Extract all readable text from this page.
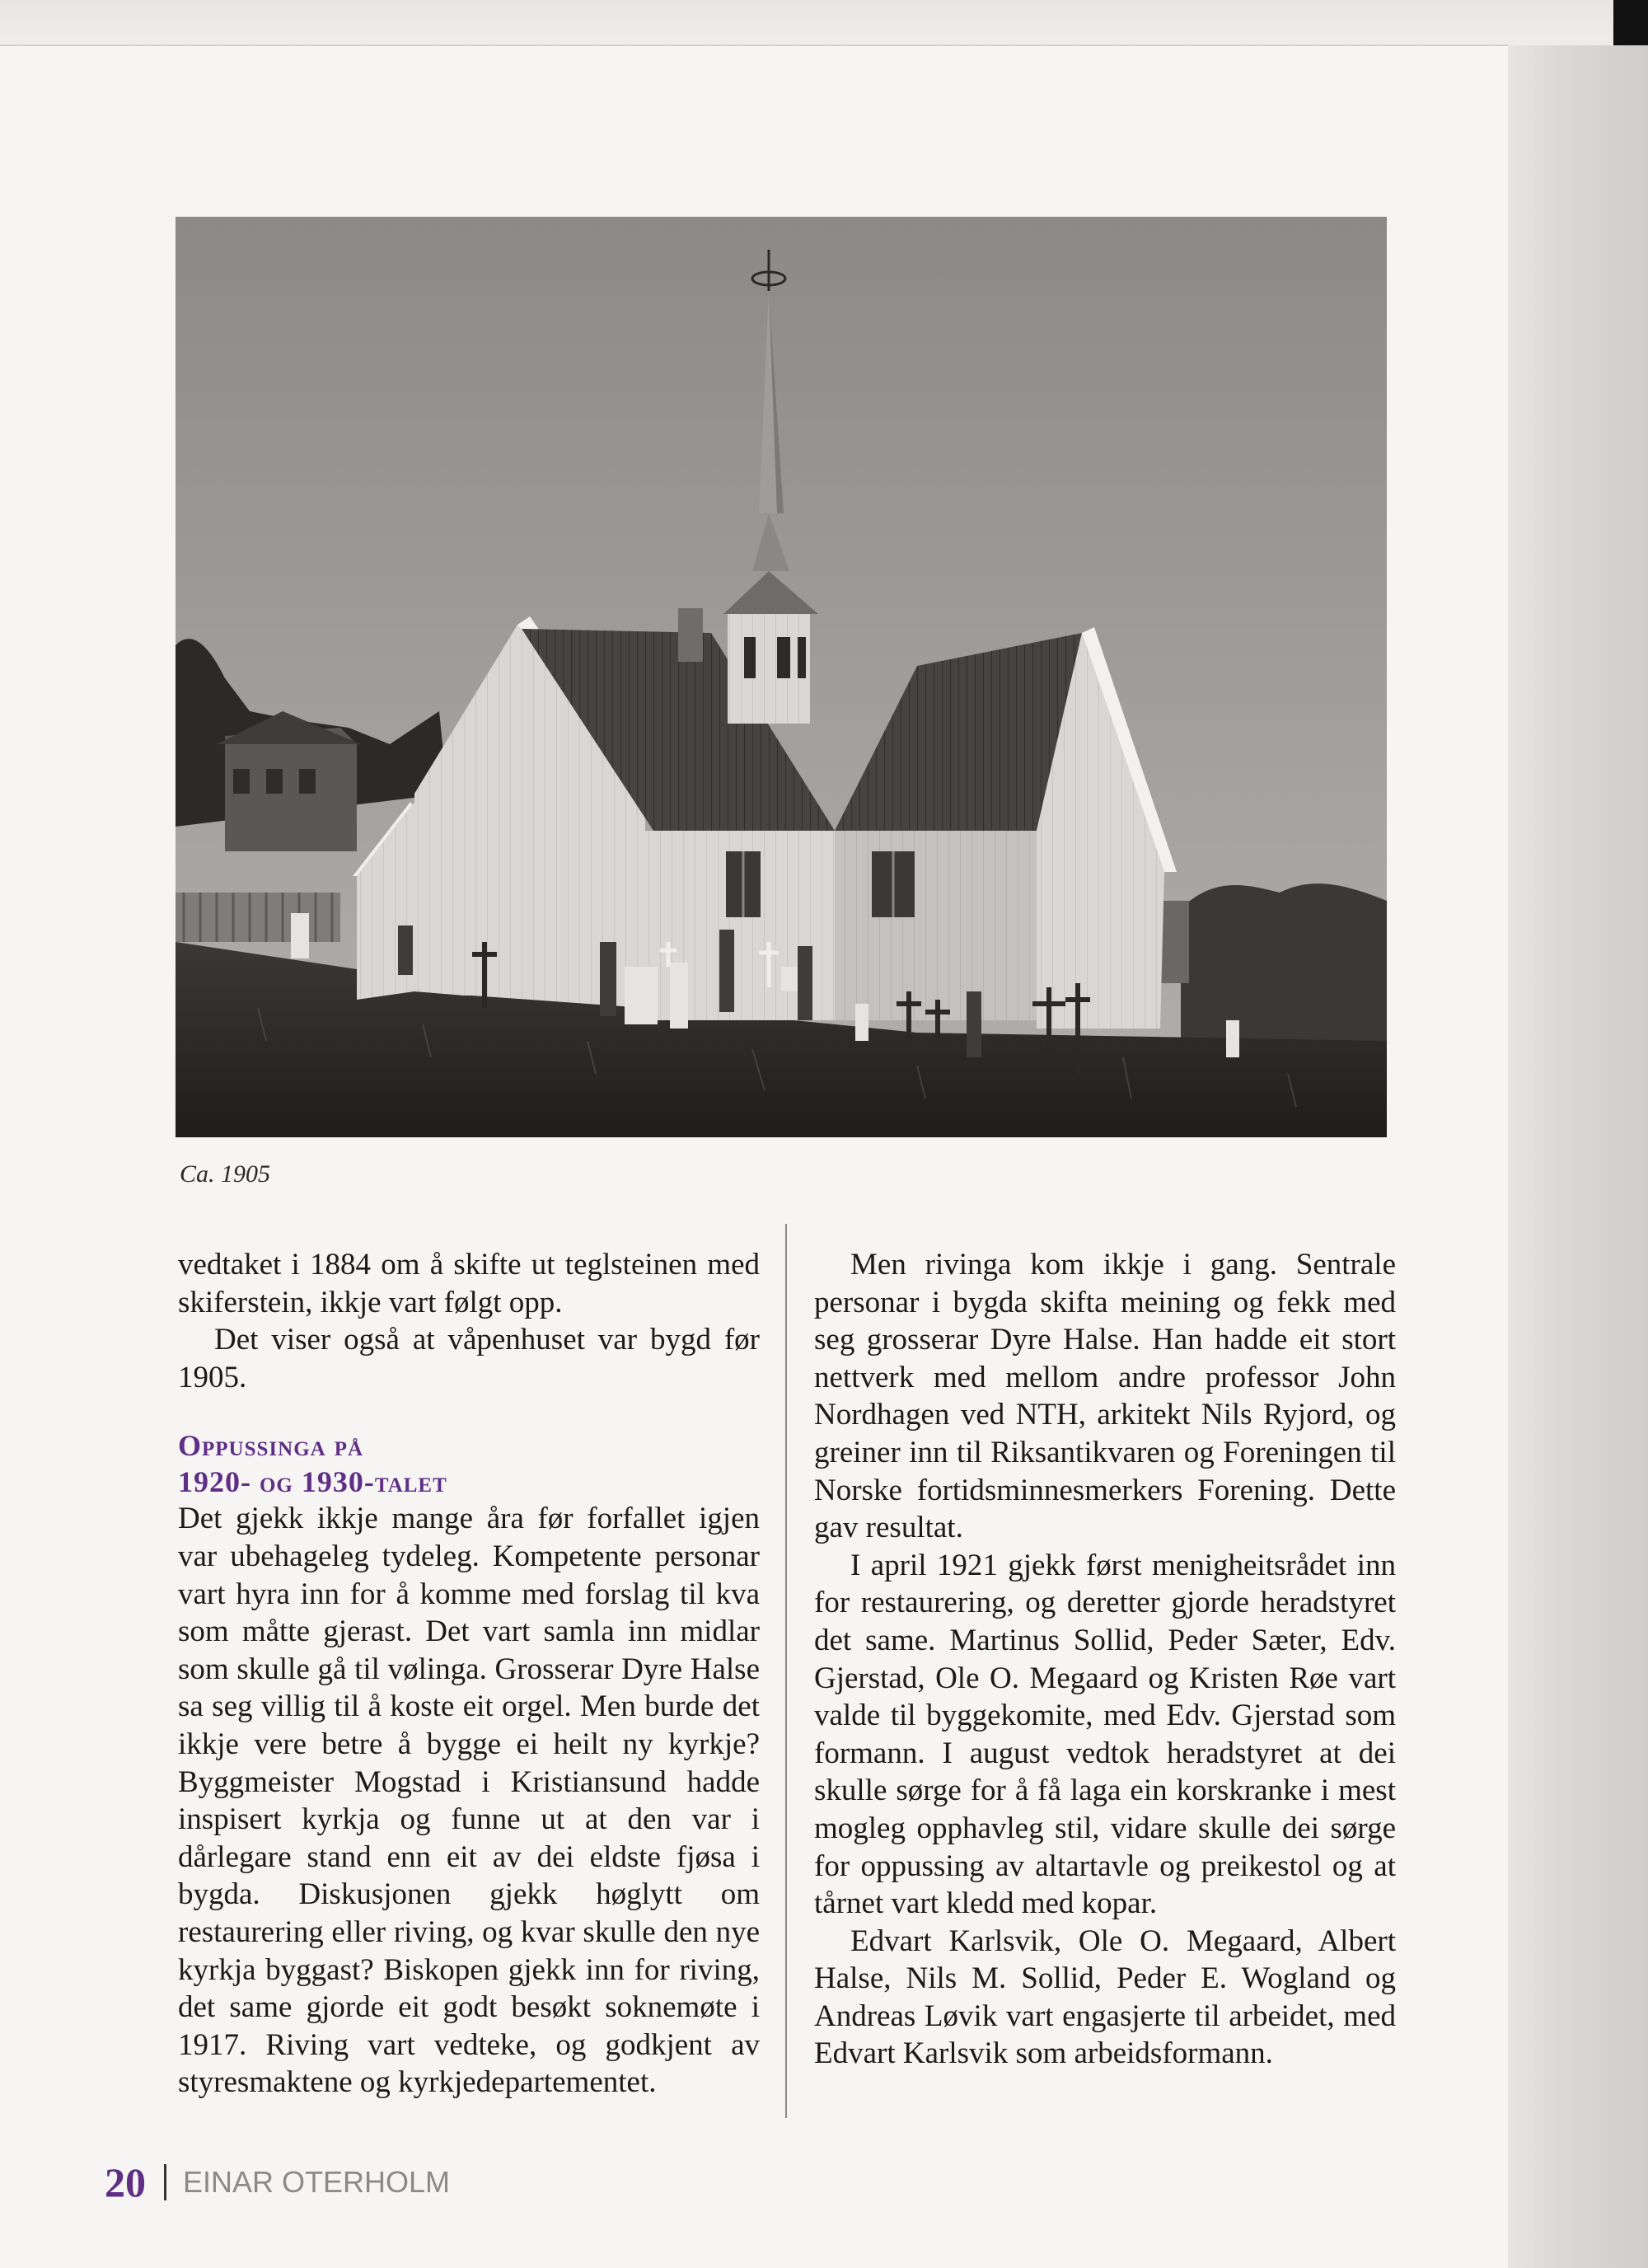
Ca. 1905

vedtaket i 1884 om å skifte ut teglsteinen med skiferstein, ikkje vart følgt opp.

Det viser også at våpenhuset var bygd før 1905.

Oppussinga på
1920- og 1930-talet

Det gjekk ikkje mange åra før forfallet igjen var ubehageleg tydeleg. Kompetente personar vart hyra inn for å komme med forslag til kva som måtte gjerast. Det vart samla inn midlar som skulle gå til vølinga. Grosserar Dyre Halse sa seg villig til å koste eit orgel. Men burde det ikkje vere betre å bygge ei heilt ny kyrkje? Byggmeister Mogstad i Kristiansund hadde inspisert kyrkja og funne ut at den var i dårlegare stand enn eit av dei eldste fjøsa i bygda. Diskusjonen gjekk høglytt om restaurering eller riving, og kvar skulle den nye kyrkja byggast? Biskopen gjekk inn for riving, det same gjorde eit godt besøkt soknemøte i 1917. Riving vart vedteke, og godkjent av styresmaktene og kyrkjedepartementet.

Men rivinga kom ikkje i gang. Sentrale personar i bygda skifta meining og fekk med seg grosserar Dyre Halse. Han hadde eit stort nettverk med mellom andre professor John Nordhagen ved NTH, arkitekt Nils Ryjord, og greiner inn til Riksantikvaren og Foreningen til Norske fortidsminnesmerkers Forening. Dette gav resultat.

I april 1921 gjekk først menigheitsrådet inn for restaurering, og deretter gjorde heradstyret det same. Martinus Sollid, Peder Sæter, Edv. Gjerstad, Ole O. Megaard og Kristen Røe vart valde til byggekomite, med Edv. Gjerstad som formann. I august vedtok heradstyret at dei skulle sørge for å få laga ein korskranke i mest mogleg opphavleg stil, vidare skulle dei sørge for oppussing av altartavle og preikestol og at tårnet vart kledd med kopar.

Edvart Karlsvik, Ole O. Megaard, Albert Halse, Nils M. Sollid, Peder E. Wogland og Andreas Løvik vart engasjerte til arbeidet, med Edvart Karlsvik som arbeidsformann.

20 EINAR OTERHOLM
